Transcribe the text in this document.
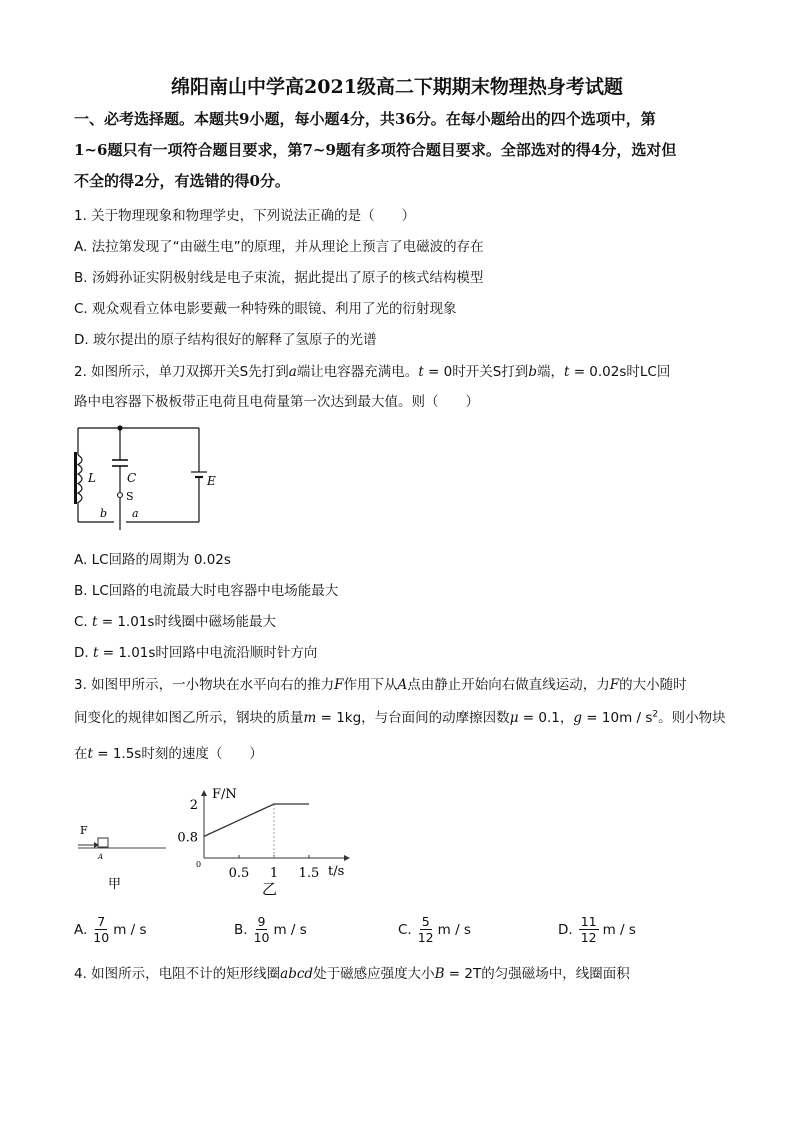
绵阳南山中学高2021级高二下期期末物理热身考试题
一、必考选择题。本题共9小题，每小题4分，共36分。在每小题给出的四个选项中，第
1~6题只有一项符合题目要求，第7~9题有多项符合题目要求。全部选对的得4分，选对但
不全的得2分，有选错的得0分。
1. 关于物理现象和物理学史，下列说法正确的是（　　）
A. 法拉第发现了“由磁生电”的原理，并从理论上预言了电磁波的存在
B. 汤姆孙证实阴极射线是电子束流，据此提出了原子的核式结构模型
C. 观众观看立体电影要戴一种特殊的眼镜、利用了光的衍射现象
D. 玻尔提出的原子结构很好的解释了氢原子的光谱
2. 如图所示，单刀双掷开关S先打到a端让电容器充满电。t = 0时开关S打到b端，t = 0.02s时LC回
路中电容器下极板带正电荷且电荷量第一次达到最大值。则（　　）
L	C
S
b a
E
A. LC回路的周期为 0.02s
B. LC回路的电流最大时电容器中电场能最大
C. t = 1.01s时线圈中磁场能最大
D. t = 1.01s时回路中电流沿顺时针方向
3. 如图甲所示，一小物块在水平向右的推力F作用下从A点由静止开始向右做直线运动，力F的大小随时
间变化的规律如图乙所示，钢块的质量m = 1kg，与台面间的动摩擦因数μ = 0.1，$g = 10m / s^2$。则小物块
在t = 1.5s时刻的速度（　　）
F
A
甲
F/N
t/s
0
2
0.8
0.5 1 1.5
乙
A. $\frac{7}{10}$ m / s	B. $\frac{9}{10}$ m / s	C. $\frac{5}{12}$ m / s	D. $\frac{11}{12}$ m / s
4. 如图所示，电阻不计的矩形线圈abcd处于磁感应强度大小B = 2T的匀强磁场中，线圈面积
